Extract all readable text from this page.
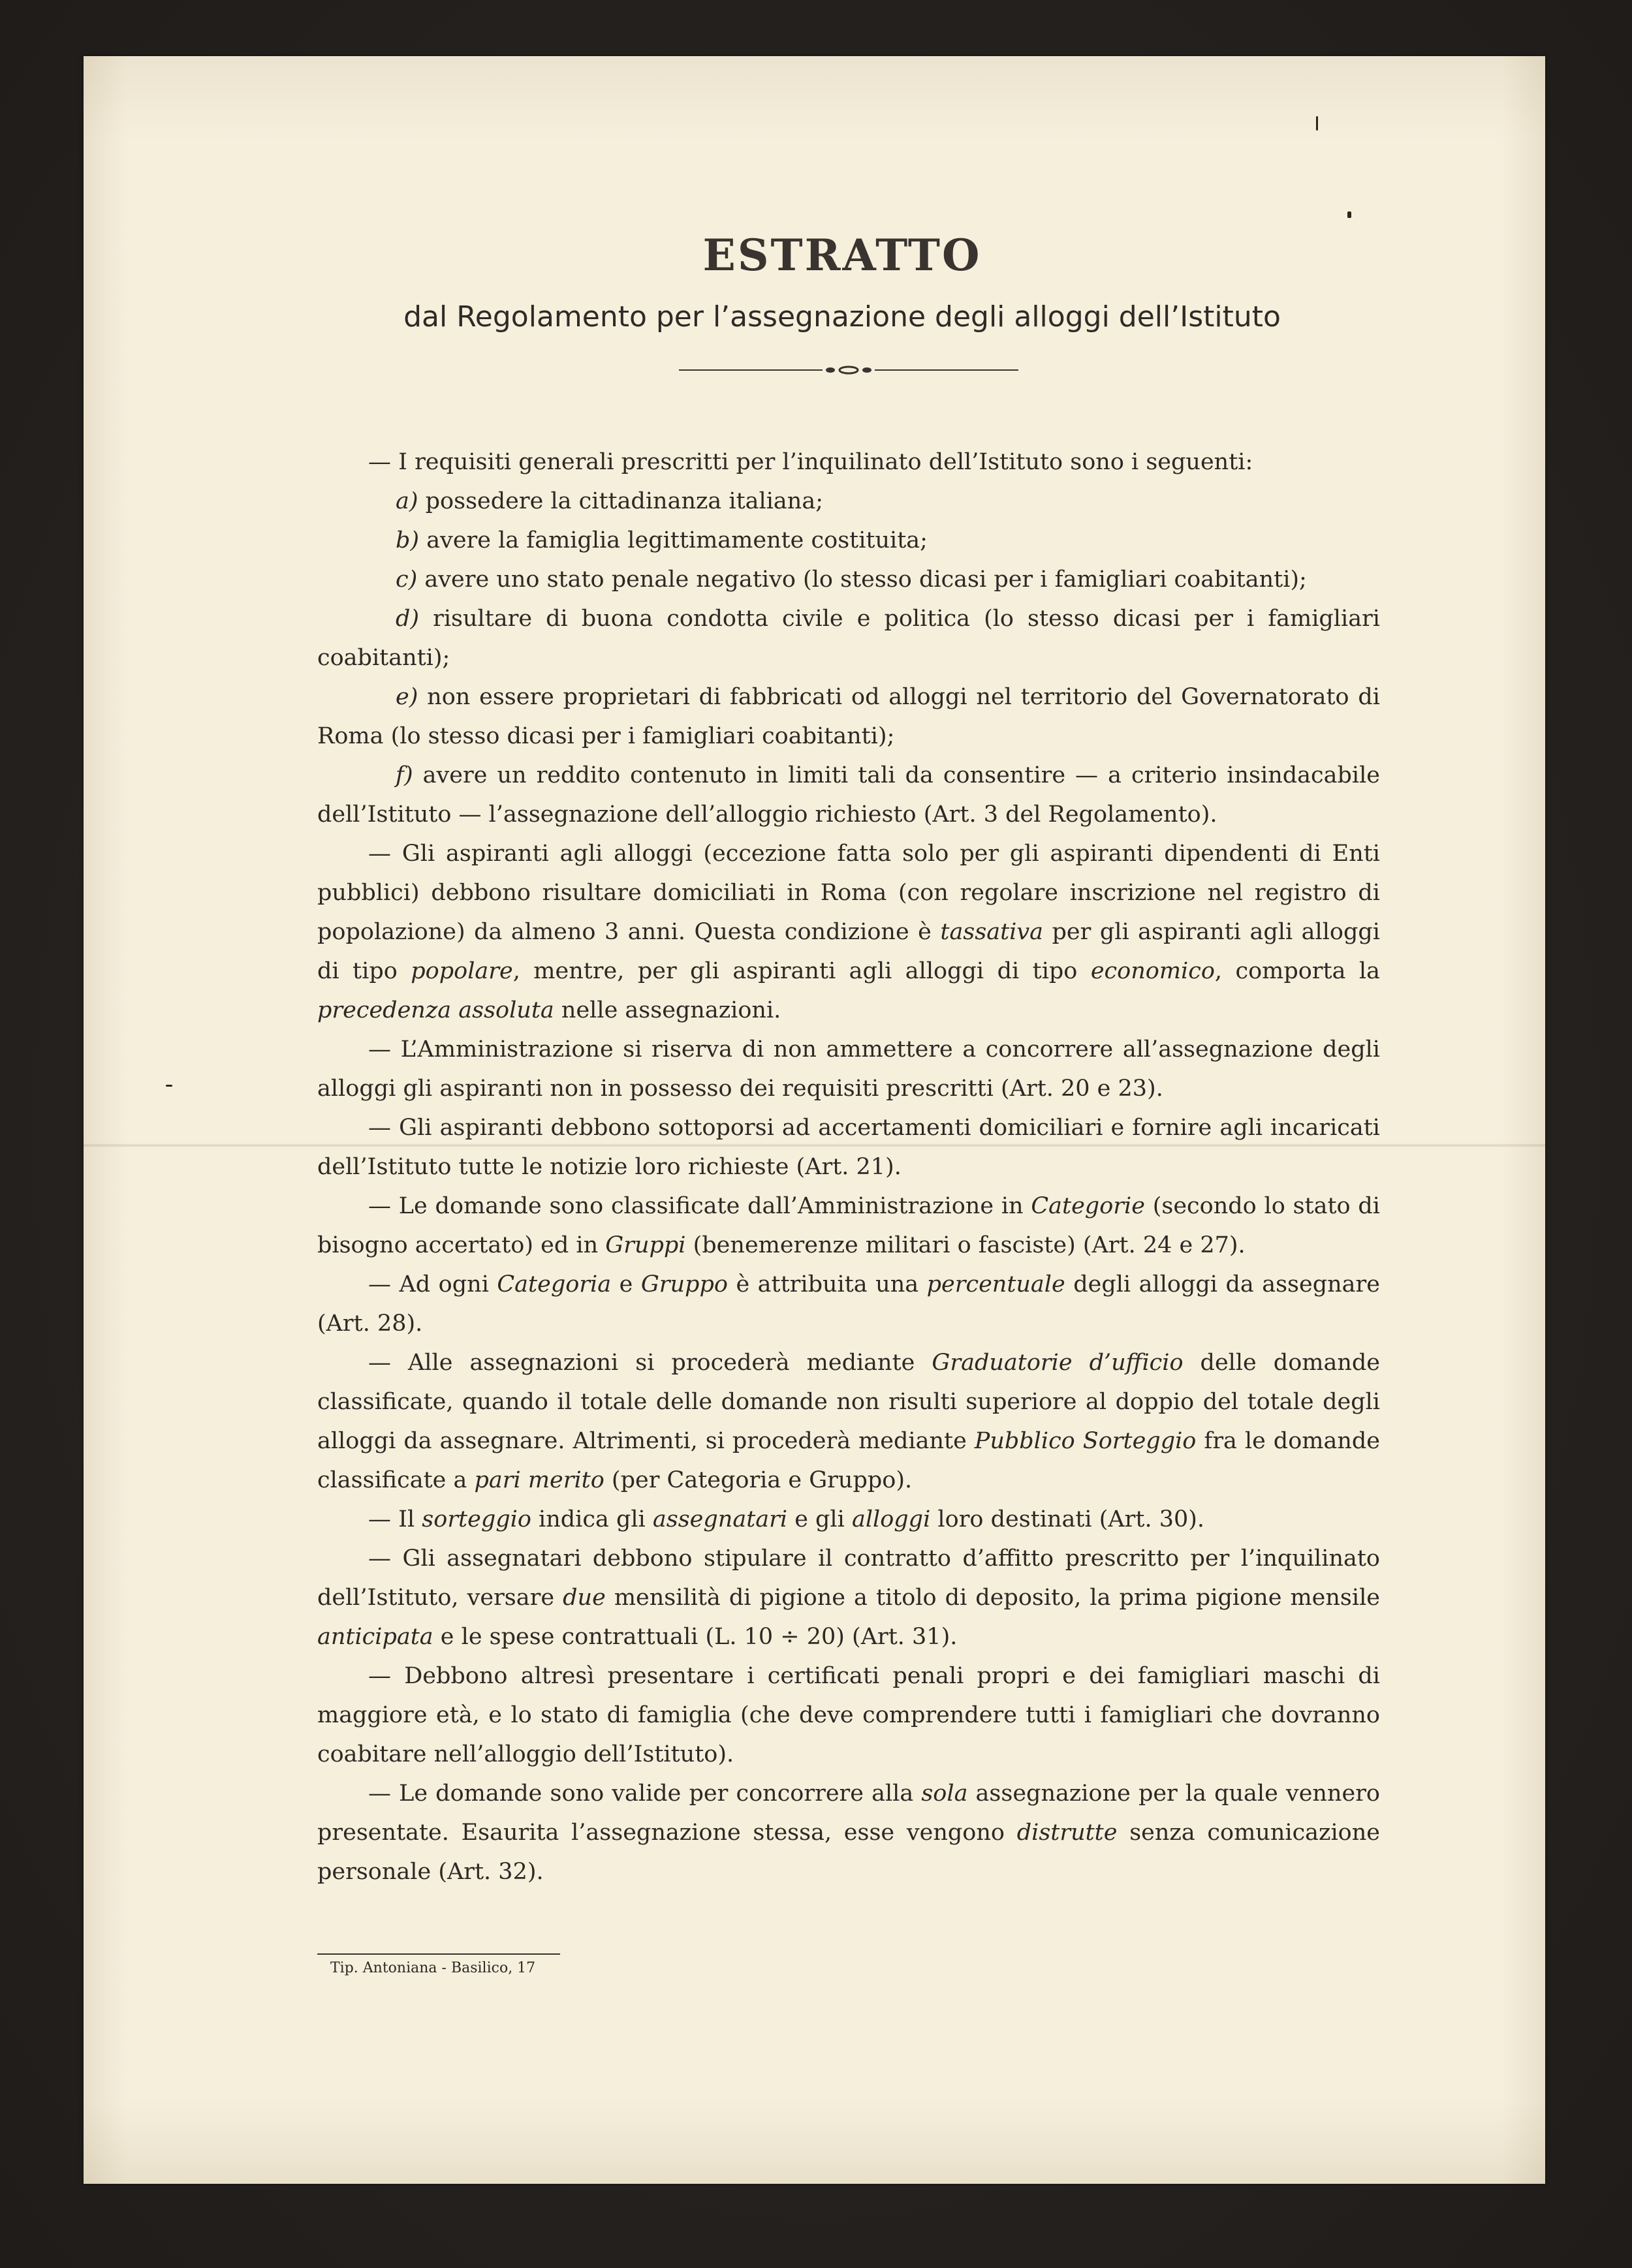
ESTRATTO
dal Regolamento per l’assegnazione degli alloggi dell’Istituto

— I requisiti generali prescritti per l’inquilinato dell’Istituto sono i seguenti:

a) possedere la cittadinanza italiana;

b) avere la famiglia legittimamente costituita;

c) avere uno stato penale negativo (lo stesso dicasi per i famigliari coabitanti);

d) risultare di buona condotta civile e politica (lo stesso dicasi per i famigliari coabitanti);

e) non essere proprietari di fabbricati od alloggi nel territorio del Governatorato di Roma (lo stesso dicasi per i famigliari coabitanti);

f) avere un reddito contenuto in limiti tali da consentire — a criterio insindacabile dell’Istituto — l’assegnazione dell’alloggio richiesto (Art. 3 del Regolamento).

— Gli aspiranti agli alloggi (eccezione fatta solo per gli aspiranti dipendenti di Enti pubblici) debbono risultare domiciliati in Roma (con regolare inscrizione nel registro di popolazione) da almeno 3 anni. Questa condizione è tassativa per gli aspiranti agli alloggi di tipo popolare, mentre, per gli aspiranti agli alloggi di tipo economico, comporta la precedenza assoluta nelle assegnazioni.

— L’Amministrazione si riserva di non ammettere a concorrere all’assegnazione degli alloggi gli aspiranti non in possesso dei requisiti prescritti (Art. 20 e 23).

— Gli aspiranti debbono sottoporsi ad accertamenti domiciliari e fornire agli incaricati dell’Istituto tutte le notizie loro richieste (Art. 21).

— Le domande sono classificate dall’Amministrazione in Categorie (secondo lo stato di bisogno accertato) ed in Gruppi (benemerenze militari o fasciste) (Art. 24 e 27).

— Ad ogni Categoria e Gruppo è attribuita una percentuale degli alloggi da assegnare (Art. 28).

— Alle assegnazioni si procederà mediante Graduatorie d’ufficio delle domande classificate, quando il totale delle domande non risulti superiore al doppio del totale degli alloggi da assegnare. Altrimenti, si procederà mediante Pubblico Sorteggio fra le domande classificate a pari merito (per Categoria e Gruppo).

— Il sorteggio indica gli assegnatari e gli alloggi loro destinati (Art. 30).

— Gli assegnatari debbono stipulare il contratto d’affitto prescritto per l’inquilinato dell’Istituto, versare due mensilità di pigione a titolo di deposito, la prima pigione mensile anticipata e le spese contrattuali (L. 10 ÷ 20) (Art. 31).

— Debbono altresì presentare i certificati penali propri e dei famigliari maschi di maggiore età, e lo stato di famiglia (che deve comprendere tutti i famigliari che dovranno coabitare nell’alloggio dell’Istituto).

— Le domande sono valide per concorrere alla sola assegnazione per la quale vennero presentate. Esaurita l’assegnazione stessa, esse vengono distrutte senza comunicazione personale (Art. 32).

Tip. Antoniana - Basilico, 17
